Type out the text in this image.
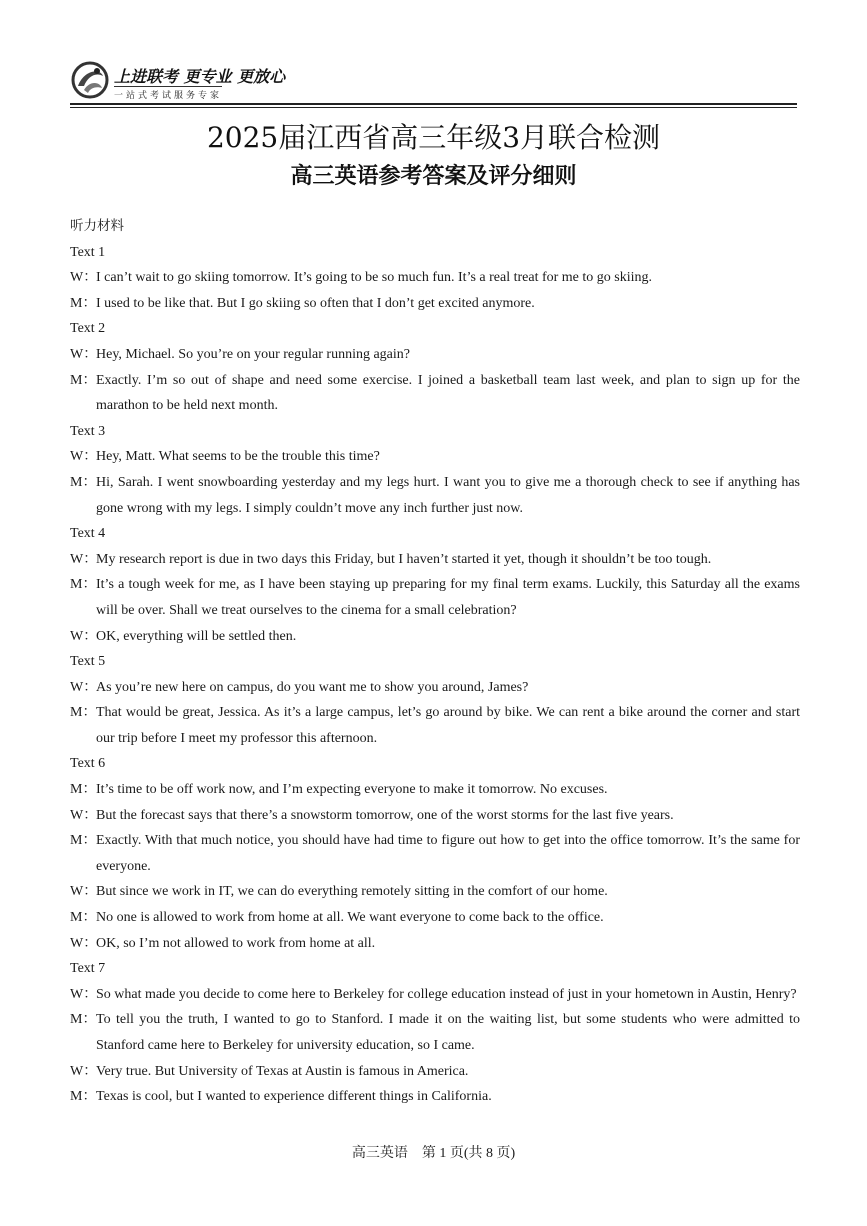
上进联考 更专业 更放心
一站式考试服务专家
2025届江西省高三年级3月联合检测
高三英语参考答案及评分细则
听力材料
Text 1
W：
I can’t wait to go skiing tomorrow. It’s going to be so much fun. It’s a real treat for me to go skiing.
M： I used to be like that. But I go skiing so often that I don’t get excited anymore.
Text 2
W：
Hey, Michael. So you’re on your regular running again?
M： Exactly. I’m so out of shape and need some exercise. I joined a basketball team last week, and plan to sign up for the marathon to be held next month.
Text 3
W：
Hey, Matt. What seems to be the trouble this time?
M： Hi, Sarah. I went snowboarding yesterday and my legs hurt. I want you to give me a thorough check to see if anything has gone wrong with my legs. I simply couldn’t move any inch further just now.
Text 4
W：
My research report is due in two days this Friday, but I haven’t started it yet, though it shouldn’t be too tough.
M： It’s a tough week for me, as I have been staying up preparing for my final term exams. Luckily, this Saturday all the exams will be over. Shall we treat ourselves to the cinema for a small celebration?
W：
OK, everything will be settled then.
Text 5
W：
As you’re new here on campus, do you want me to show you around, James?
M： That would be great, Jessica. As it’s a large campus, let’s go around by bike. We can rent a bike around the corner and start our trip before I meet my professor this afternoon.
Text 6
M： It’s time to be off work now, and I’m expecting everyone to make it tomorrow. No excuses.
W：
But the forecast says that there’s a snowstorm tomorrow, one of the worst storms for the last five years.
M： Exactly. With that much notice, you should have had time to figure out how to get into the office tomorrow. It’s the same for everyone.
W：
But since we work in IT, we can do everything remotely sitting in the comfort of our home.
M： No one is allowed to work from home at all. We want everyone to come back to the office.
W：
OK, so I’m not allowed to work from home at all.
Text 7
W：
So what made you decide to come here to Berkeley for college education instead of just in your hometown in Austin, Henry?
M： To tell you the truth, I wanted to go to Stanford. I made it on the waiting list, but some students who were admitted to Stanford came here to Berkeley for university education, so I came.
W：
Very true. But University of Texas at Austin is famous in America.
M： Texas is cool, but I wanted to experience different things in California.
高三英语　第 1 页(共 8 页)
